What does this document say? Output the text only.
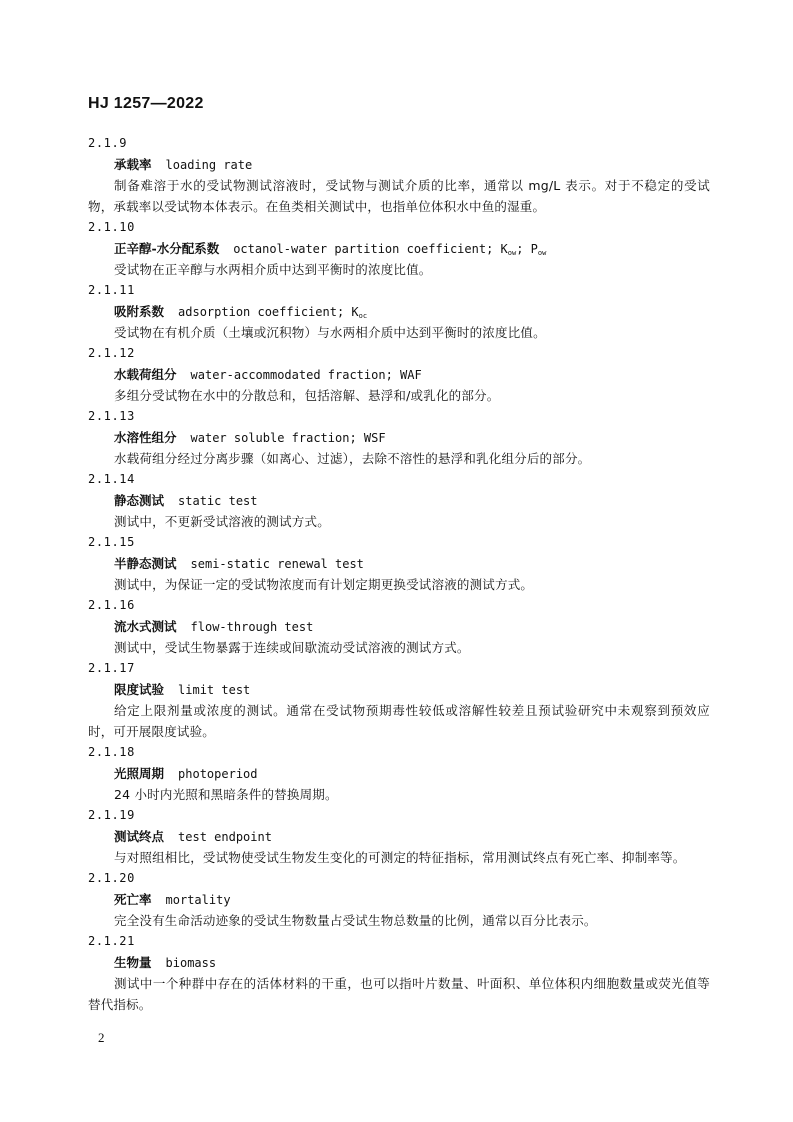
HJ 1257—2022
2.1.9
承载率 loading rate
制备难溶于水的受试物测试溶液时，受试物与测试介质的比率，通常以 mg/L 表示。对于不稳定的受试物，承载率以受试物本体表示。在鱼类相关测试中，也指单位体积水中鱼的湿重。
2.1.10
正辛醇-水分配系数 octanol-water partition coefficient; $K_{ow}$; $P_{ow}$
受试物在正辛醇与水两相介质中达到平衡时的浓度比值。
2.1.11
吸附系数 adsorption coefficient; $K_{oc}$
受试物在有机介质（土壤或沉积物）与水两相介质中达到平衡时的浓度比值。
2.1.12
水载荷组分 water-accommodated fraction; WAF
多组分受试物在水中的分散总和，包括溶解、悬浮和/或乳化的部分。
2.1.13
水溶性组分 water soluble fraction; WSF
水载荷组分经过分离步骤（如离心、过滤），去除不溶性的悬浮和乳化组分后的部分。
2.1.14
静态测试 static test
测试中，不更新受试溶液的测试方式。
2.1.15
半静态测试 semi-static renewal test
测试中，为保证一定的受试物浓度而有计划定期更换受试溶液的测试方式。
2.1.16
流水式测试 flow-through test
测试中，受试生物暴露于连续或间歇流动受试溶液的测试方式。
2.1.17
限度试验 limit test
给定上限剂量或浓度的测试。通常在受试物预期毒性较低或溶解性较差且预试验研究中未观察到预效应时，可开展限度试验。
2.1.18
光照周期 photoperiod
24 小时内光照和黑暗条件的替换周期。
2.1.19
测试终点 test endpoint
与对照组相比，受试物使受试生物发生变化的可测定的特征指标，常用测试终点有死亡率、抑制率等。
2.1.20
死亡率 mortality
完全没有生命活动迹象的受试生物数量占受试生物总数量的比例，通常以百分比表示。
2.1.21
生物量 biomass
测试中一个种群中存在的活体材料的干重，也可以指叶片数量、叶面积、单位体积内细胞数量或荧光值等替代指标。
2
